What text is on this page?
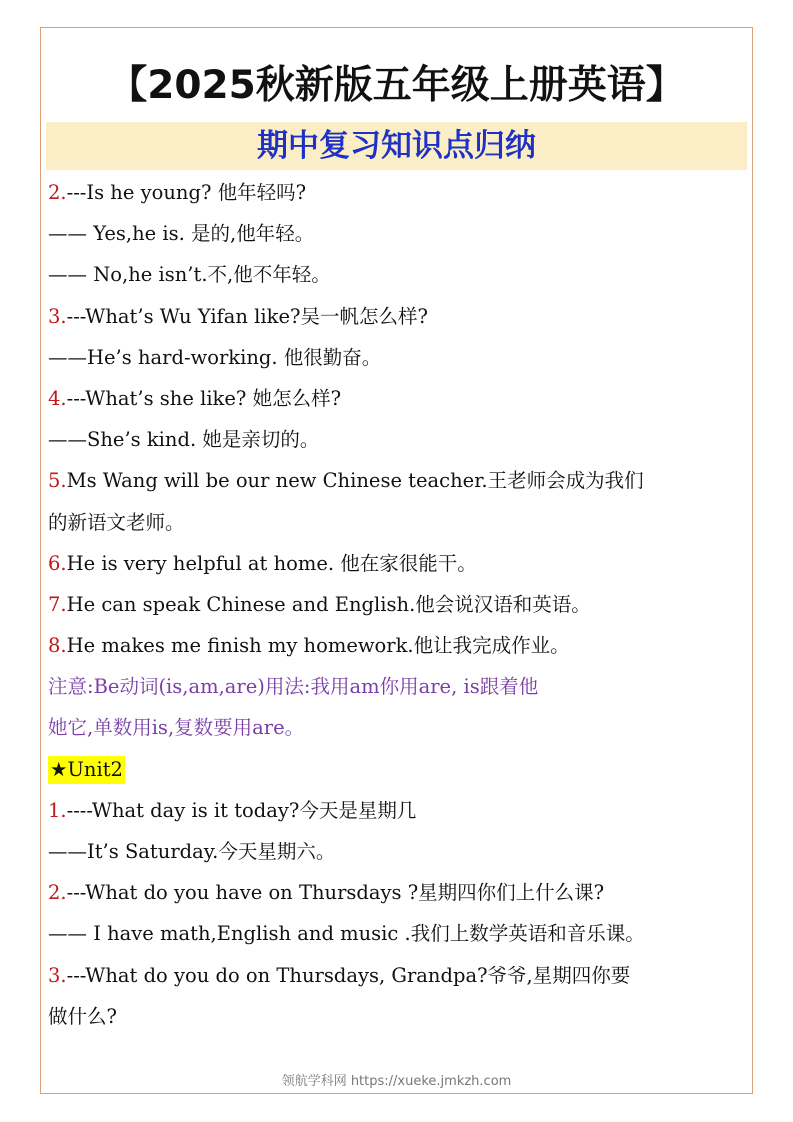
【2025秋新版五年级上册英语】
期中复习知识点归纳
2.---Is he young? 他年轻吗?
—— Yes,he is. 是的,他年轻。
—— No,he isn’t.不,他不年轻。
3.---What’s Wu Yifan like?吴一帆怎么样?
——He’s hard-working. 他很勤奋。
4.---What’s she like? 她怎么样?
——She’s kind. 她是亲切的。
5.Ms Wang will be our new Chinese teacher.王老师会成为我们
的新语文老师。
6.He is very helpful at home. 他在家很能干。
7.He can speak Chinese and English.他会说汉语和英语。
8.He makes me finish my homework.他让我完成作业。
注意:Be动词(is,am,are)用法:我用am你用are, is跟着他
她它,单数用is,复数要用are。
★Unit2
1.----What day is it today?今天是星期几
——It’s Saturday.今天星期六。
2.---What do you have on Thursdays ?星期四你们上什么课?
—— I have math,English and music .我们上数学英语和音乐课。
3.---What do you do on Thursdays, Grandpa?爷爷,星期四你要
做什么?
领航学科网 https://xueke.jmkzh.com
